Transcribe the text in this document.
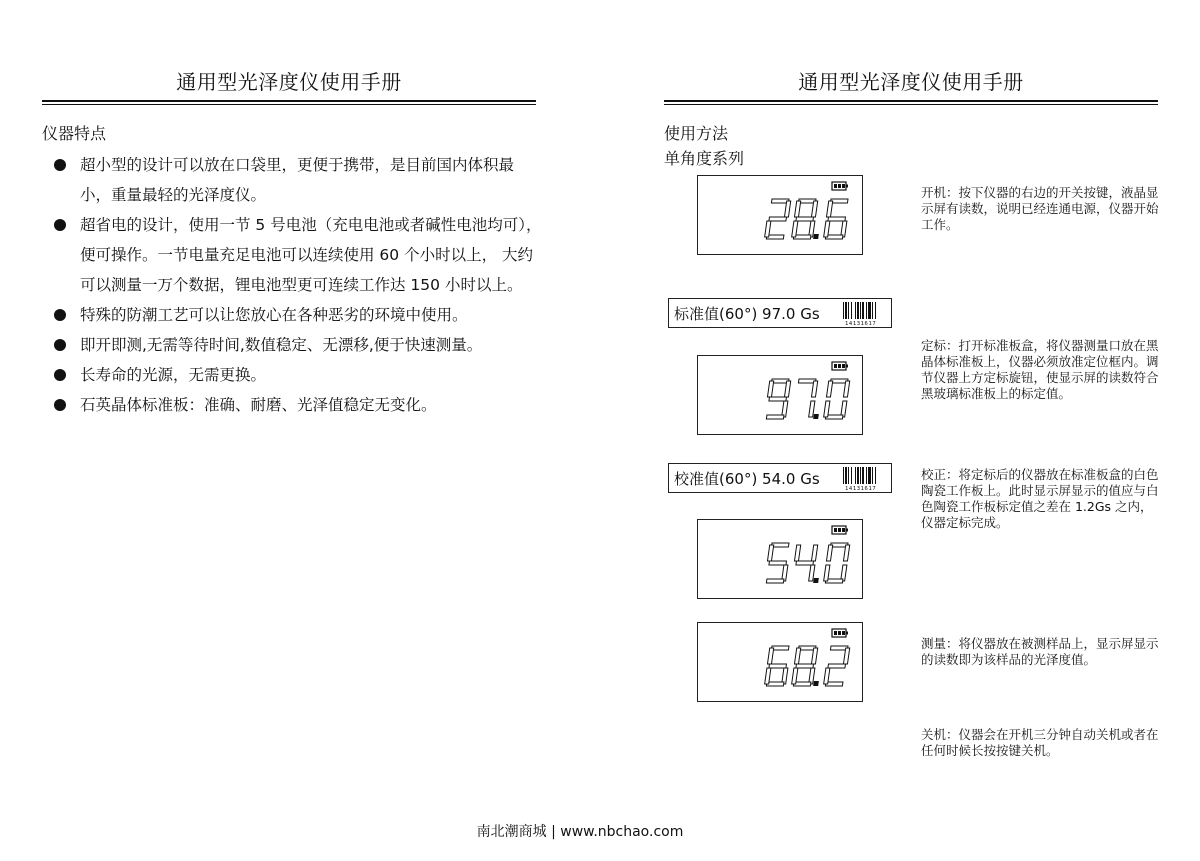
通用型光泽度仪使用手册
仪器特点
超小型的设计可以放在口袋里，更便于携带，是目前国内体积最小，重量最轻的光泽度仪。
超省电的设计，使用一节 5 号电池（充电电池或者碱性电池均可），便可操作。一节电量充足电池可以连续使用 60 个小时以上， 大约可以测量一万个数据，锂电池型更可连续工作达 150 小时以上。
特殊的防潮工艺可以让您放心在各种恶劣的环境中使用。
即开即测,无需等待时间,数值稳定、无漂移,便于快速测量。
长寿命的光源，无需更换。
石英晶体标准板：准确、耐磨、光泽值稳定无变化。
通用型光泽度仪使用手册
使用方法
单角度系列
标准值(60°) 97.0 Gs
14131617
校准值(60°) 54.0 Gs
14131617
开机：按下仪器的右边的开关按键，液晶显示屏有读数，说明已经连通电源，仪器开始工作。
定标：打开标准板盒，将仪器测量口放在黑晶体标准板上，仪器必须放准定位框内。调节仪器上方定标旋钮，使显示屏的读数符合黑玻璃标准板上的标定值。
校正：将定标后的仪器放在标准板盒的白色陶瓷工作板上。此时显示屏显示的值应与白色陶瓷工作板标定值之差在 1.2Gs 之内，仪器定标完成。
测量：将仪器放在被测样品上，显示屏显示的读数即为该样品的光泽度值。
关机：仪器会在开机三分钟自动关机或者在任何时候长按按键关机。
南北潮商城 | www.nbchao.com
